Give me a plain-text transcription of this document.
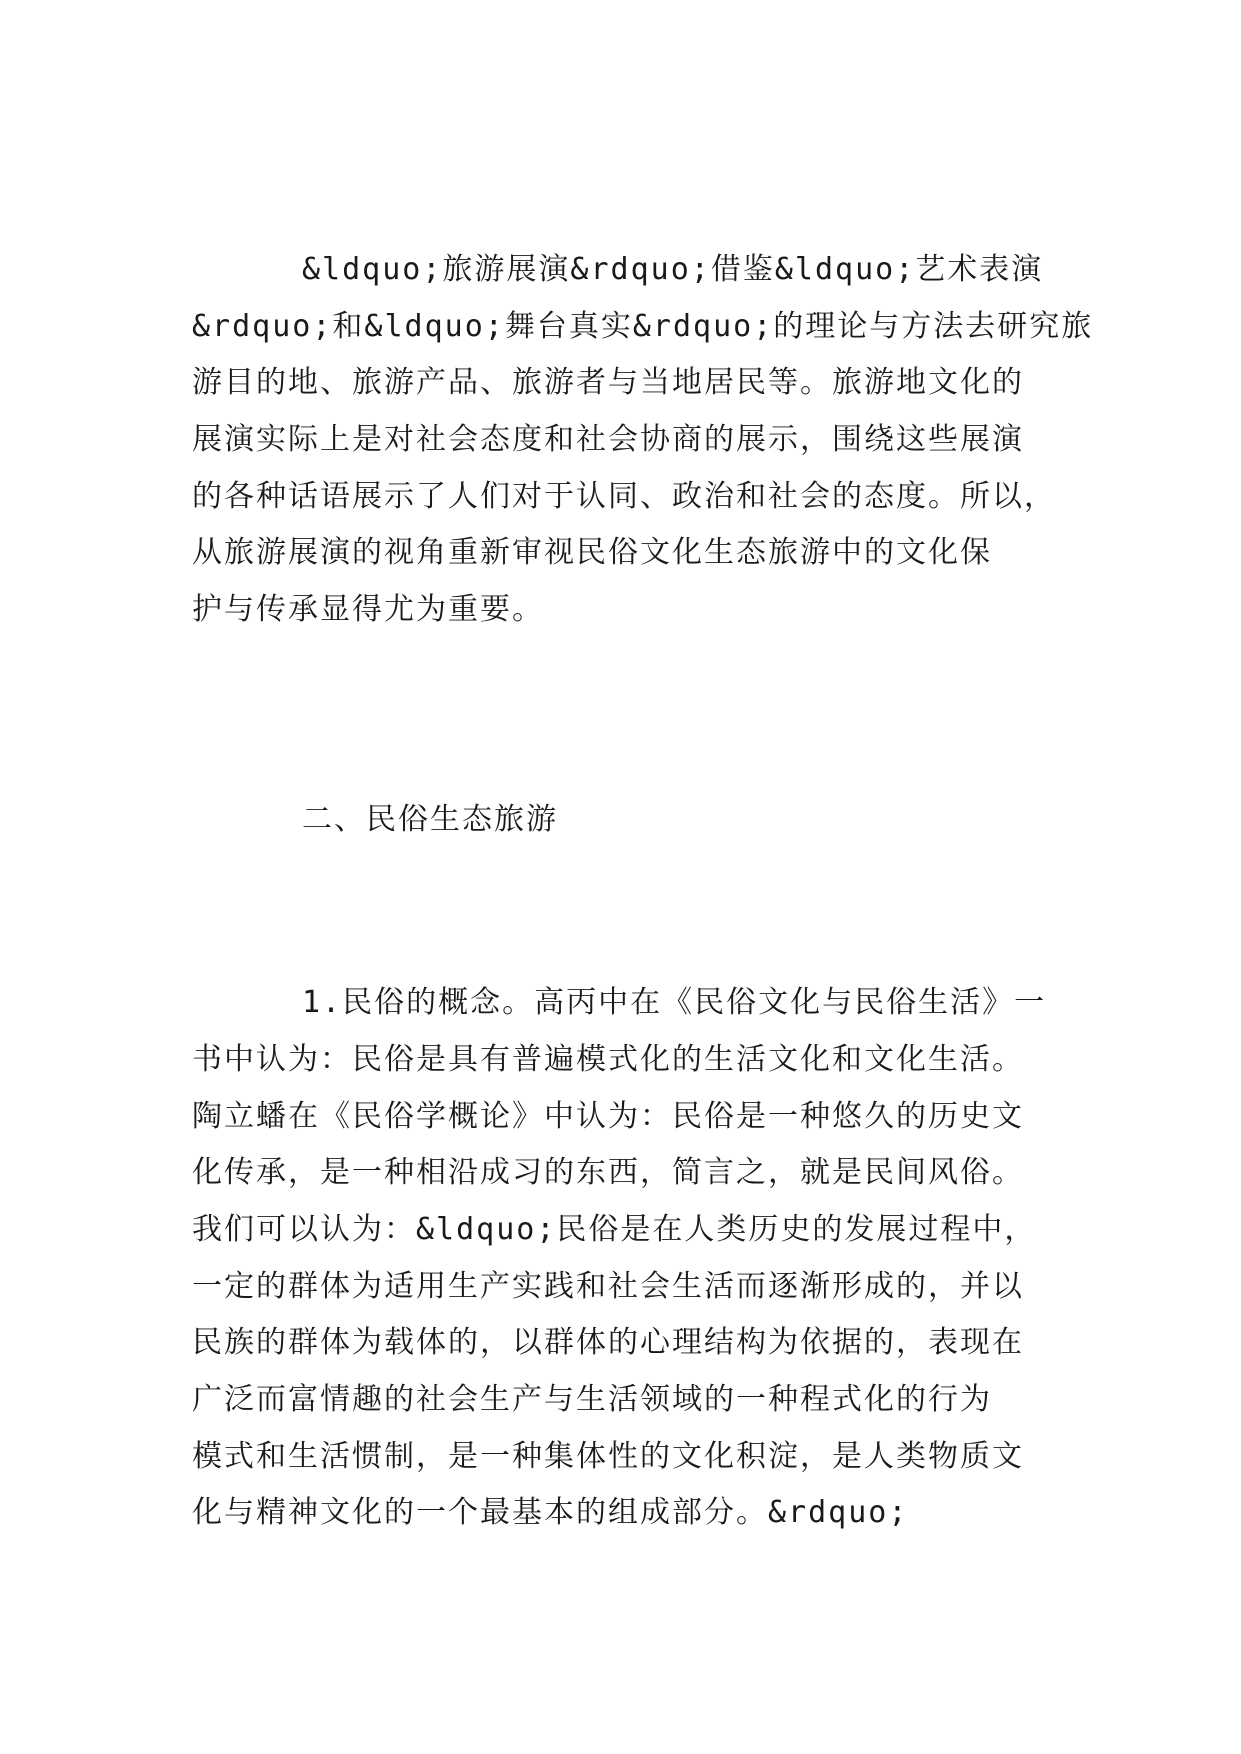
&ldquo;旅游展演&rdquo;借鉴&ldquo;艺术表演
&rdquo;和&ldquo;舞台真实&rdquo;的理论与方法去研究旅
游目的地、旅游产品、旅游者与当地居民等。旅游地文化的
展演实际上是对社会态度和社会协商的展示，围绕这些展演
的各种话语展示了人们对于认同、政治和社会的态度。所以，
从旅游展演的视角重新审视民俗文化生态旅游中的文化保
护与传承显得尤为重要。
二、民俗生态旅游
1.民俗的概念。高丙中在《民俗文化与民俗生活》一
书中认为：民俗是具有普遍模式化的生活文化和文化生活。
陶立蟠在《民俗学概论》中认为：民俗是一种悠久的历史文
化传承，是一种相沿成习的东西，简言之，就是民间风俗。
我们可以认为：&ldquo;民俗是在人类历史的发展过程中，
一定的群体为适用生产实践和社会生活而逐渐形成的，并以
民族的群体为载体的，以群体的心理结构为依据的，表现在
广泛而富情趣的社会生产与生活领域的一种程式化的行为
模式和生活惯制，是一种集体性的文化积淀，是人类物质文
化与精神文化的一个最基本的组成部分。&rdquo;
